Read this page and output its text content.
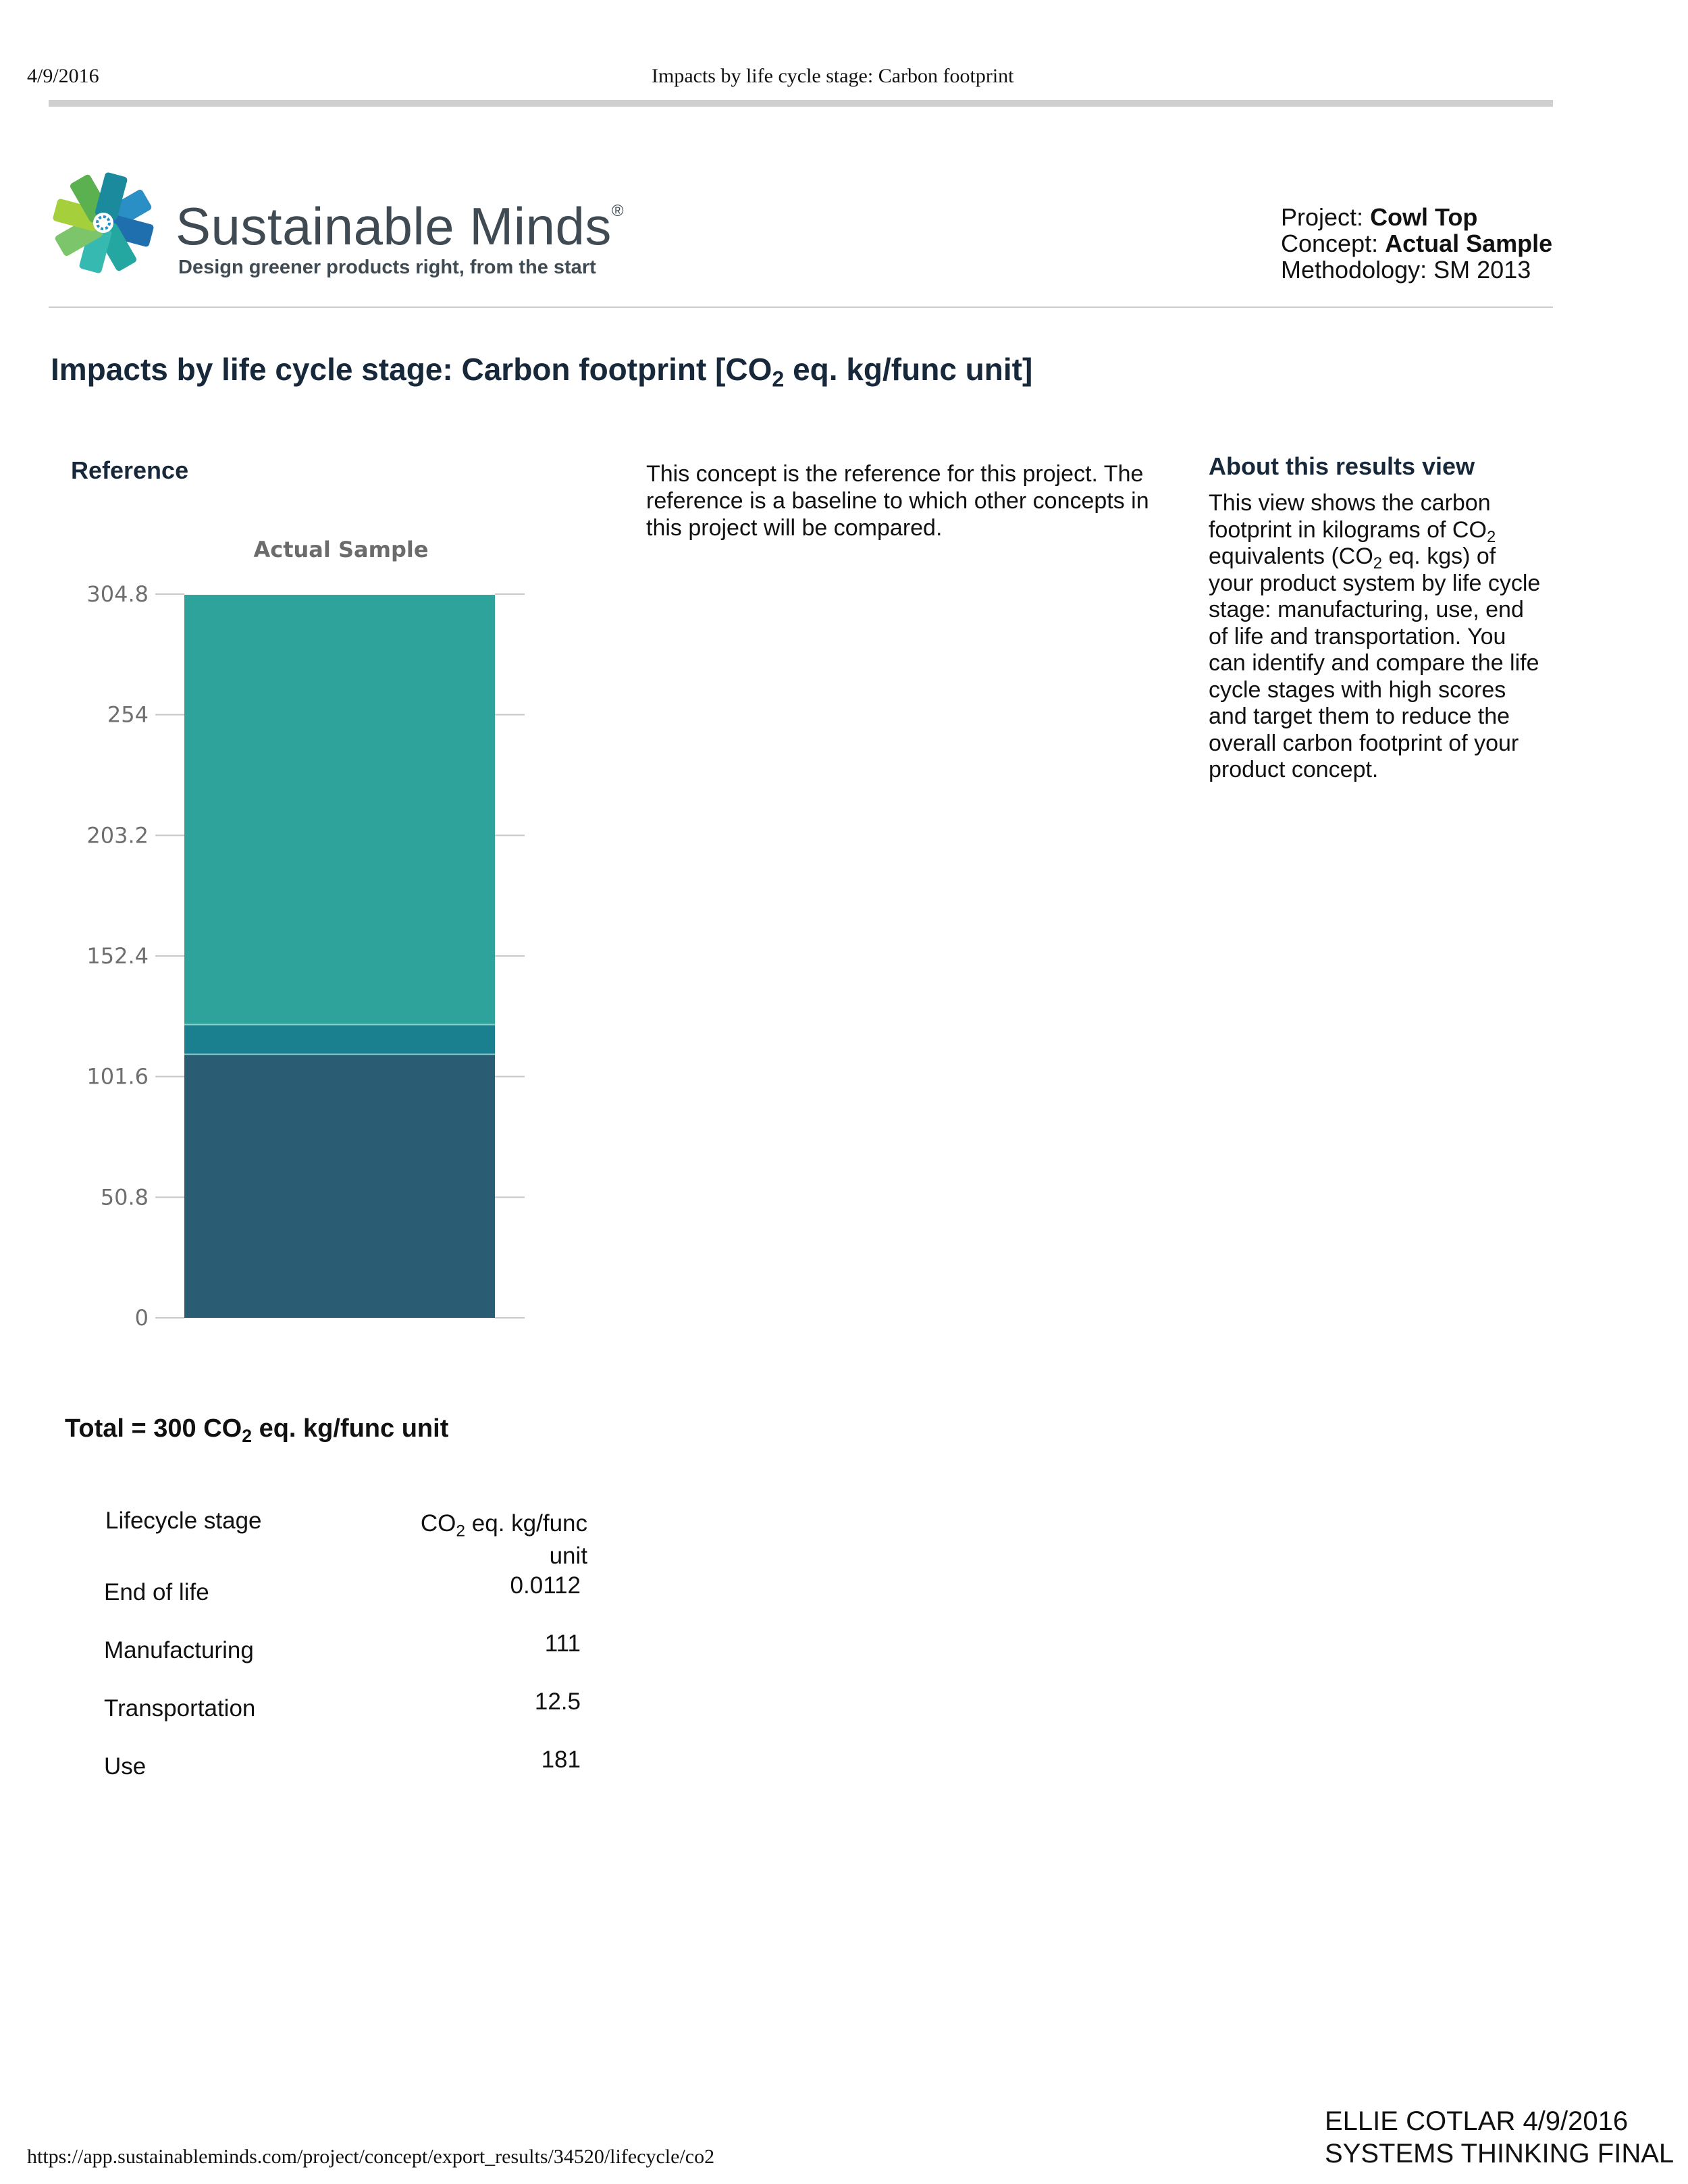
4/9/2016	Impacts by life cycle stage: Carbon footprint
Sustainable Minds®
Design greener products right, from the start
Project: Cowl Top
Concept: Actual Sample
Methodology: SM 2013
Impacts by life cycle stage: Carbon footprint [$CO_2$ eq. kg/func unit]
Reference	This concept is the reference for this project. The reference is a baseline to which other concepts in this project will be compared.
Actual Sample
0
50.8
101.6
152.4
203.2
254
304.8
About this results view
This view shows the carbon footprint in kilograms of $CO_2$ equivalents ($CO_2$ eq. kgs) of your product system by life cycle stage: manufacturing, use, end of life and transportation. You can identify and compare the life cycle stages with high scores and target them to reduce the overall carbon footprint of your product concept.
Total = 300 $CO_2$ eq. kg/func unit
Lifecycle stage	$CO_2$ eq. kg/func
unit
End of life	0.0112
Manufacturing	111
Transportation	12.5
Use	181
ELLIE COTLAR 4/9/2016
SYSTEMS THINKING FINAL
https://app.sustainableminds.com/project/concept/export_results/34520/lifecycle/co2
